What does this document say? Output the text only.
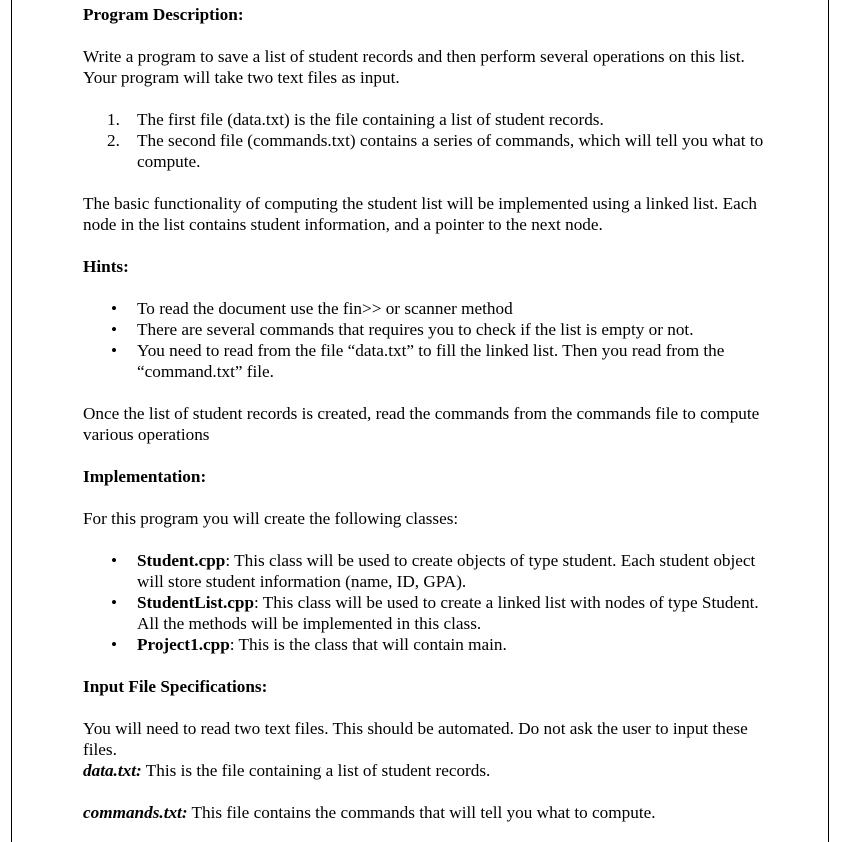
Program Description:

Write a program to save a list of student records and then perform several operations on this list. Your program will take two text files as input.

1. The first file (data.txt) is the file containing a list of student records.
2. The second file (commands.txt) contains a series of commands, which will tell you what to compute.

The basic functionality of computing the student list will be implemented using a linked list. Each node in the list contains student information, and a pointer to the next node.

Hints:

• To read the document use the fin>> or scanner method
• There are several commands that requires you to check if the list is empty or not.
• You need to read from the file “data.txt” to fill the linked list. Then you read from the “command.txt” file.

Once the list of student records is created, read the commands from the commands file to compute various operations

Implementation:

For this program you will create the following classes:

• Student.cpp: This class will be used to create objects of type student. Each student object will store student information (name, ID, GPA).
• StudentList.cpp: This class will be used to create a linked list with nodes of type Student. All the methods will be implemented in this class.
• Project1.cpp: This is the class that will contain main.

Input File Specifications:

You will need to read two text files. This should be automated. Do not ask the user to input these files.

data.txt: This is the file containing a list of student records.

commands.txt: This file contains the commands that will tell you what to compute.
